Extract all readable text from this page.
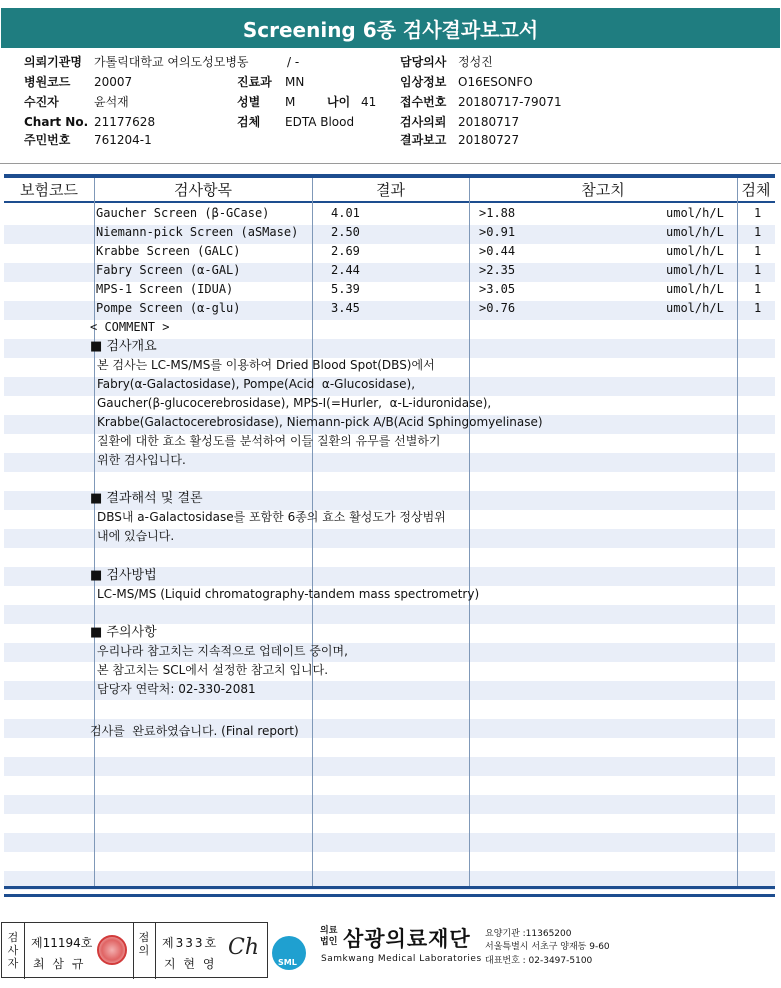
Screening 6종 검사결과보고서
의뢰기관명 가톨릭대학교 여의도성모병동	/ -
병원코드 20007
수진자	윤석재
Chart No. 21177628
주민번호 761204-1
진료과 MN
성별 M	나이 41
검체 EDTA Blood
담당의사 정성진
임상정보 O16ESONFO
접수번호 20180717-79071
검사의뢰 20180717
결과보고 20180727
보험코드	검사항목	결과	참고치	검체
Gaucher Screen (β-GCase)	4.01	>1.88	umol/h/L	1
Niemann-pick Screen (aSMase)	2.50	>0.91	umol/h/L	1
Krabbe Screen (GALC)	2.69	>0.44	umol/h/L	1
Fabry Screen (α-GAL)	2.44	>2.35	umol/h/L	1
MPS-1 Screen (IDUA)	5.39	>3.05	umol/h/L	1
Pompe Screen (α-glu)	3.45	>0.76	umol/h/L	1
< COMMENT >
■ 검사개요
본 검사는 LC-MS/MS를 이용하여 Dried Blood Spot(DBS)에서
Fabry(α-Galactosidase), Pompe(Acid  α-Glucosidase),
Gaucher(β-glucocerebrosidase), MPS-I(=Hurler,  α-L-iduronidase),
Krabbe(Galactocerebrosidase), Niemann-pick A/B(Acid Sphingomyelinase)
질환에 대한 효소 활성도를 분석하여 이들 질환의 유무를 선별하기
위한 검사입니다.
■ 결과해석 및 결론
DBS내 a-Galactosidase를 포함한 6종의 효소 활성도가 정상범위
내에 있습니다.
■ 검사방법
LC-MS/MS (Liquid chromatography-tandem mass spectrometry)
■ 주의사항
우리나라 참고치는 지속적으로 업데이트 중이며,
본 참고치는 SCL에서 설정한 참고치 입니다.
담당자 연락처: 02-330-2081
검사를  완료하였습니다. (Final report)
검사자
제11194호
최 삼 규
점의
제333호
지 현 영
Ch
SML
의료
법인 삼광의료재단
Samkwang Medical Laboratories
요양기관 :11365200
서울특별시 서초구 양재동 9-60
대표번호 : 02-3497-5100
